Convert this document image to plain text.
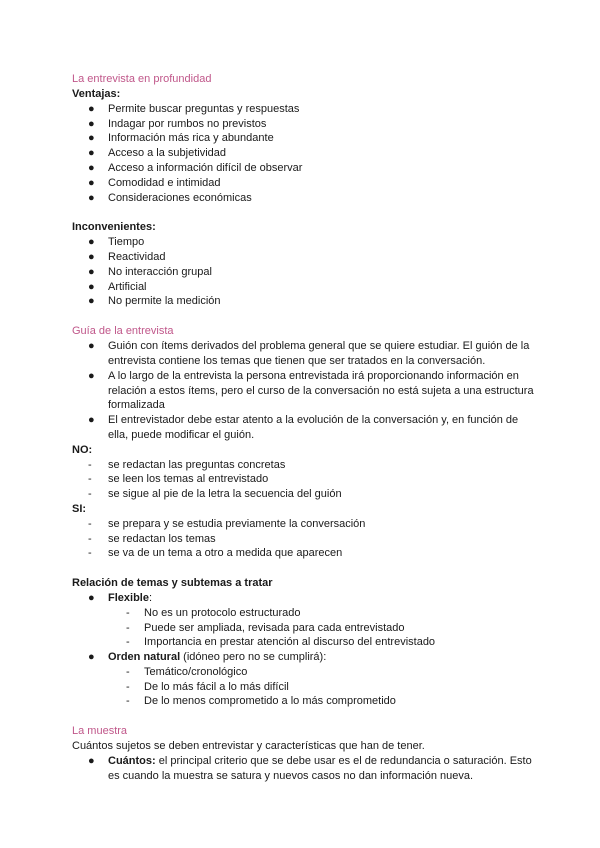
La entrevista en profundidad
Ventajas:
● Permite buscar preguntas y respuestas
● Indagar por rumbos no previstos
● Información más rica y abundante
● Acceso a la subjetividad
● Acceso a información difícil de observar
● Comodidad e intimidad
● Consideraciones económicas
Inconvenientes:
● Tiempo
● Reactividad
● No interacción grupal
● Artificial
● No permite la medición
Guía de la entrevista
● Guión con ítems derivados del problema general que se quiere estudiar. El guión de la entrevista contiene los temas que tienen que ser tratados en la conversación.
● A lo largo de la entrevista la persona entrevistada irá proporcionando información en relación a estos ítems, pero el curso de la conversación no está sujeta a una estructura formalizada
● El entrevistador debe estar atento a la evolución de la conversación y, en función de ella, puede modificar el guión.
NO:
- se redactan las preguntas concretas
- se leen los temas al entrevistado
- se sigue al pie de la letra la secuencia del guión
SI:
- se prepara y se estudia previamente la conversación
- se redactan los temas
- se va de un tema a otro a medida que aparecen
Relación de temas y subtemas a tratar
● Flexible:
- No es un protocolo estructurado
- Puede ser ampliada, revisada para cada entrevistado
- Importancia en prestar atención al discurso del entrevistado
● Orden natural (idóneo pero no se cumplirá):
- Temático/cronológico
- De lo más fácil a lo más difícil
- De lo menos comprometido a lo más comprometido
La muestra
Cuántos sujetos se deben entrevistar y características que han de tener.
● Cuántos: el principal criterio que se debe usar es el de redundancia o saturación. Esto es cuando la muestra se satura y nuevos casos no dan información nueva.
